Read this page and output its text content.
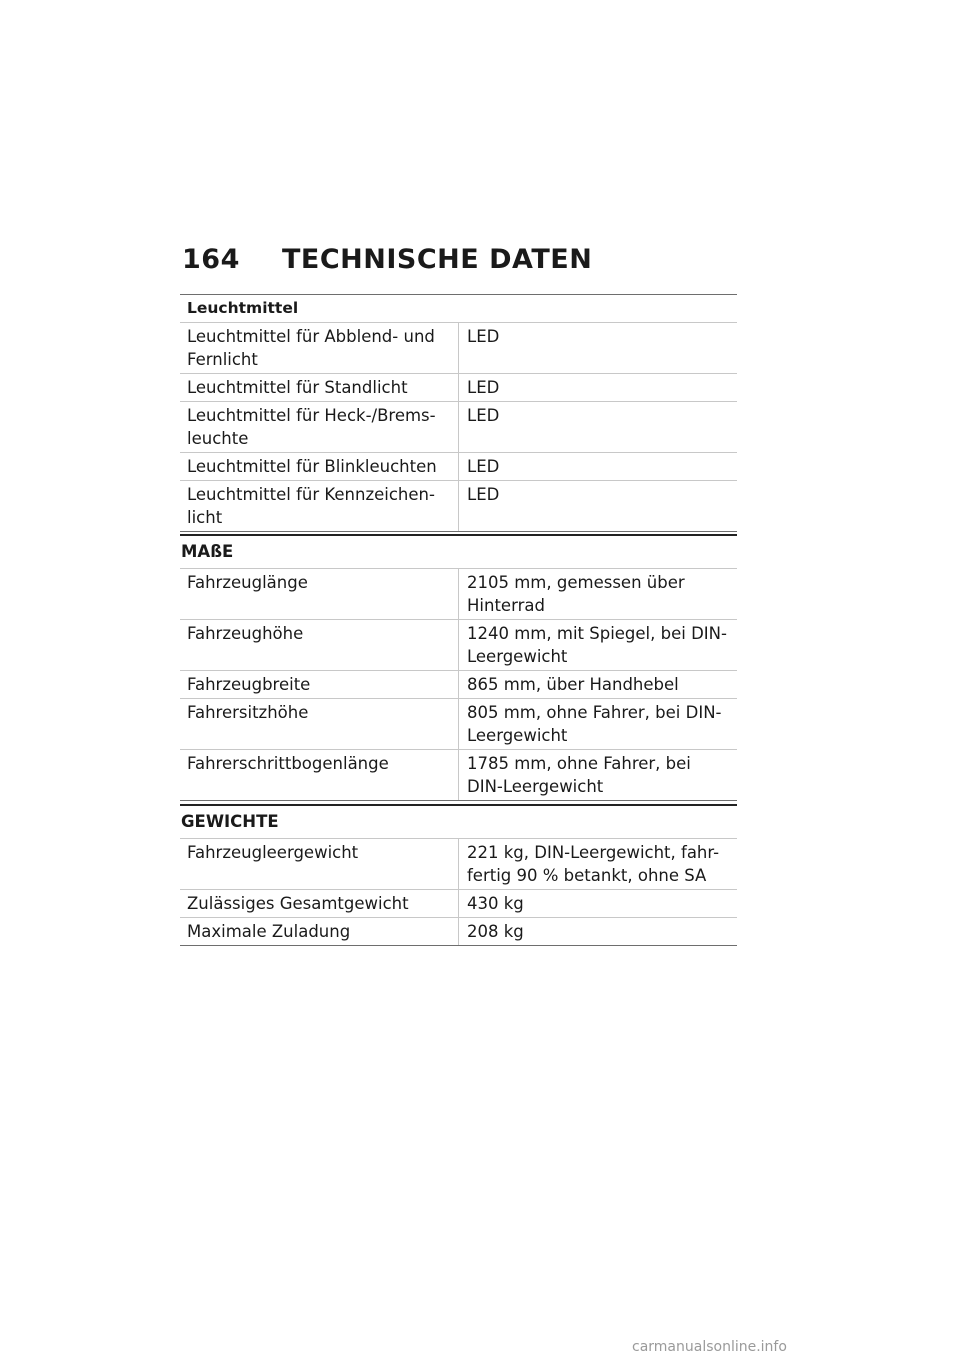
164 TECHNISCHE DATEN
Leuchtmittel	
Leuchtmittel für Abblend- und Fernlicht	LED
Leuchtmittel für Standlicht	LED
Leuchtmittel für Heck-/Brems-leuchte	LED
Leuchtmittel für Blinkleuchten	LED
Leuchtmittel für Kennzeichen-licht	LED
MAßE
Fahrzeuglänge	2105 mm, gemessen über Hinterrad
Fahrzeughöhe	1240 mm, mit Spiegel, bei DIN-Leergewicht
Fahrzeugbreite	865 mm, über Handhebel
Fahrersitzhöhe	805 mm, ohne Fahrer, bei DIN-Leergewicht
Fahrerschrittbogenlänge	1785 mm, ohne Fahrer, bei DIN-Leergewicht
GEWICHTE
Fahrzeugleergewicht	221 kg, DIN-Leergewicht, fahr-fertig 90 % betankt, ohne SA
Zulässiges Gesamtgewicht	430 kg
Maximale Zuladung	208 kg
carmanualsonline.info
